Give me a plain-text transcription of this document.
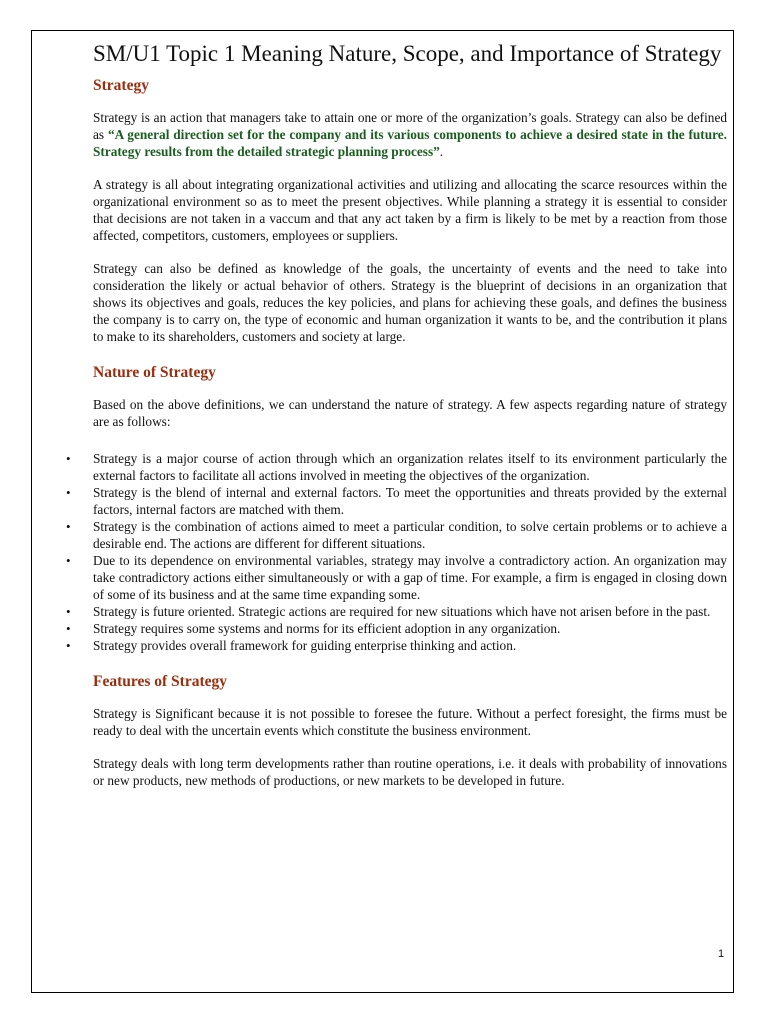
SM/U1 Topic 1 Meaning Nature, Scope, and Importance of Strategy
Strategy

Strategy is an action that managers take to attain one or more of the organization’s goals. Strategy can also be defined as “A general direction set for the company and its various components to achieve a desired state in the future. Strategy results from the detailed strategic planning process”.

A strategy is all about integrating organizational activities and utilizing and allocating the scarce resources within the organizational environment so as to meet the present objectives. While planning a strategy it is essential to consider that decisions are not taken in a vaccum and that any act taken by a firm is likely to be met by a reaction from those affected, competitors, customers, employees or suppliers.

Strategy can also be defined as knowledge of the goals, the uncertainty of events and the need to take into consideration the likely or actual behavior of others. Strategy is the blueprint of decisions in an organization that shows its objectives and goals, reduces the key policies, and plans for achieving these goals, and defines the business the company is to carry on, the type of economic and human organization it wants to be, and the contribution it plans to make to its shareholders, customers and society at large.

Nature of Strategy

Based on the above definitions, we can understand the nature of strategy. A few aspects regarding nature of strategy are as follows:

• Strategy is a major course of action through which an organization relates itself to its environment particularly the external factors to facilitate all actions involved in meeting the objectives of the organization.
• Strategy is the blend of internal and external factors. To meet the opportunities and threats provided by the external factors, internal factors are matched with them.
• Strategy is the combination of actions aimed to meet a particular condition, to solve certain problems or to achieve a desirable end. The actions are different for different situations.
• Due to its dependence on environmental variables, strategy may involve a contradictory action. An organization may take contradictory actions either simultaneously or with a gap of time. For example, a firm is engaged in closing down of some of its business and at the same time expanding some.
• Strategy is future oriented. Strategic actions are required for new situations which have not arisen before in the past.
• Strategy requires some systems and norms for its efficient adoption in any organization.
• Strategy provides overall framework for guiding enterprise thinking and action.
Features of Strategy

Strategy is Significant because it is not possible to foresee the future. Without a perfect foresight, the firms must be ready to deal with the uncertain events which constitute the business environment.

Strategy deals with long term developments rather than routine operations, i.e. it deals with probability of innovations or new products, new methods of productions, or new markets to be developed in future.

1
